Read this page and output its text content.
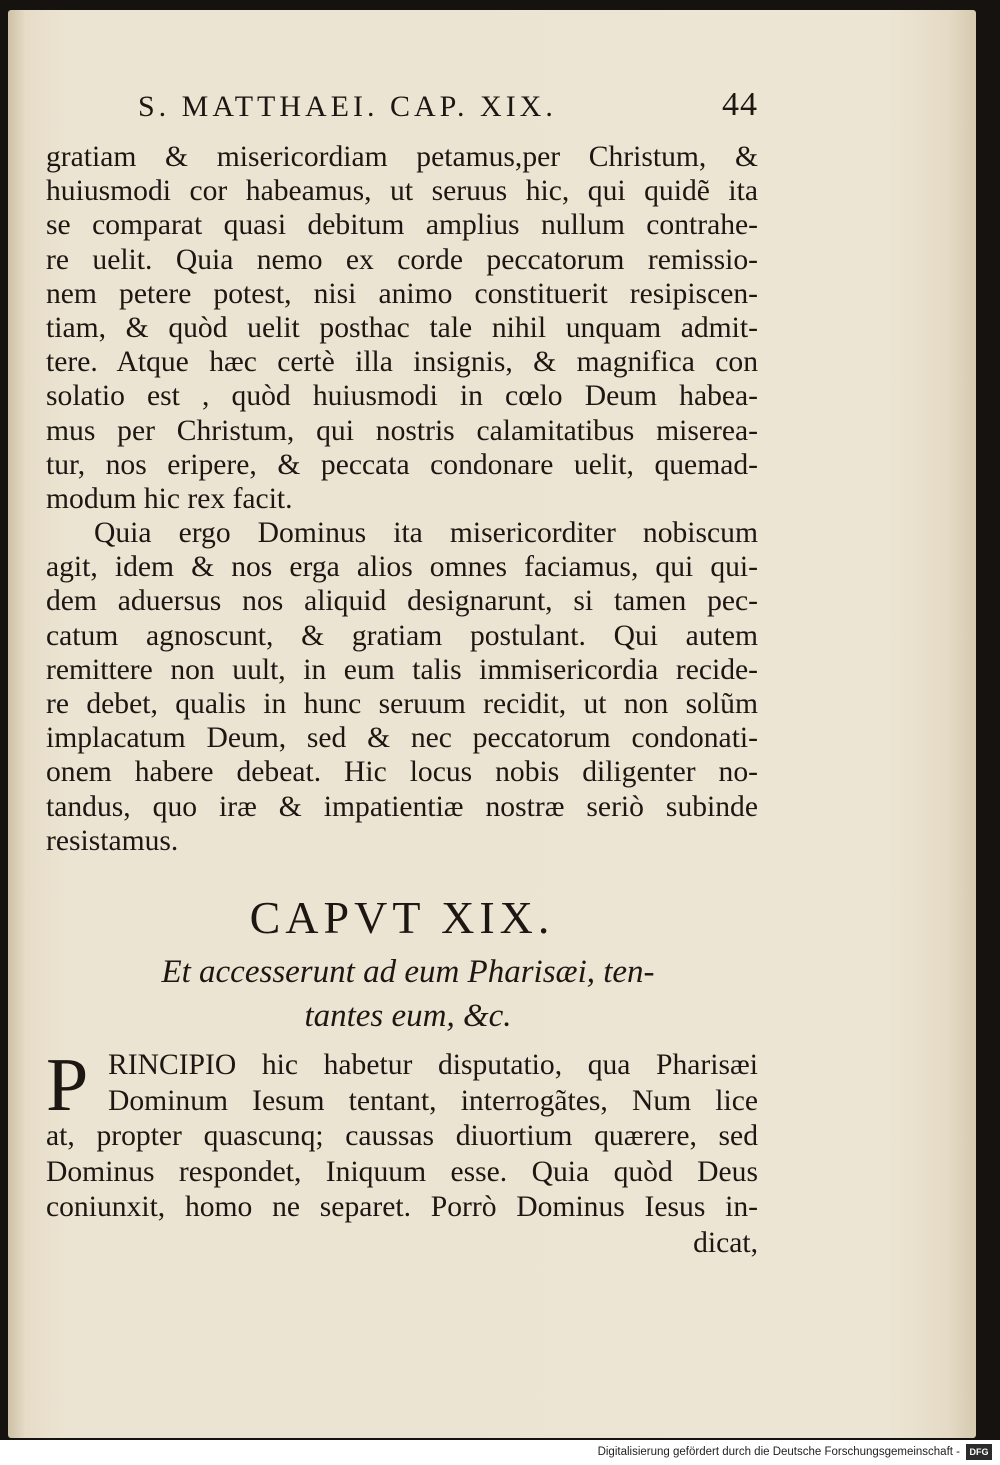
S. MATTHAEI. CAP. XIX.	44
gratiam & misericordiam petamus,per Christum, &
huiusmodi cor habeamus, ut seruus hic, qui quidẽ ita
se comparat quasi debitum amplius nullum contrahe-
re uelit. Quia nemo ex corde peccatorum remissio-
nem petere potest, nisi animo constituerit resipiscen-
tiam, & quòd uelit posthac tale nihil unquam admit-
tere. Atque hæc certè illa insignis, & magnifica con
solatio est , quòd huiusmodi in cœlo Deum habea-
mus per Christum, qui nostris calamitatibus miserea-
tur, nos eripere, & peccata condonare uelit, quemad-
modum hic rex facit.
Quia ergo Dominus ita misericorditer nobiscum
agit, idem & nos erga alios omnes faciamus, qui qui-
dem aduersus nos aliquid designarunt, si tamen pec-
catum agnoscunt, & gratiam postulant. Qui autem
remittere non uult, in eum talis immisericordia recide-
re debet, qualis in hunc seruum recidit, ut non solũm
implacatum Deum, sed & nec peccatorum condonati-
onem habere debeat. Hic locus nobis diligenter no-
tandus, quo iræ & impatientiæ nostræ seriò subinde
resistamus.
CAPVT XIX.
Et accesserunt ad eum Pharisæi, ten-
tantes eum, &c.
P RINCIPIO hic habetur disputatio, qua Pharisæi
Dominum Iesum tentant, interrogãtes, Num lice
at, propter quascunq; caussas diuortium quærere, sed
Dominus respondet, Iniquum esse. Quia quòd Deus
coniunxit, homo ne separet. Porrò Dominus Iesus in-
dicat,
Digitalisierung gefördert durch die Deutsche Forschungsgemeinschaft -	DFG
